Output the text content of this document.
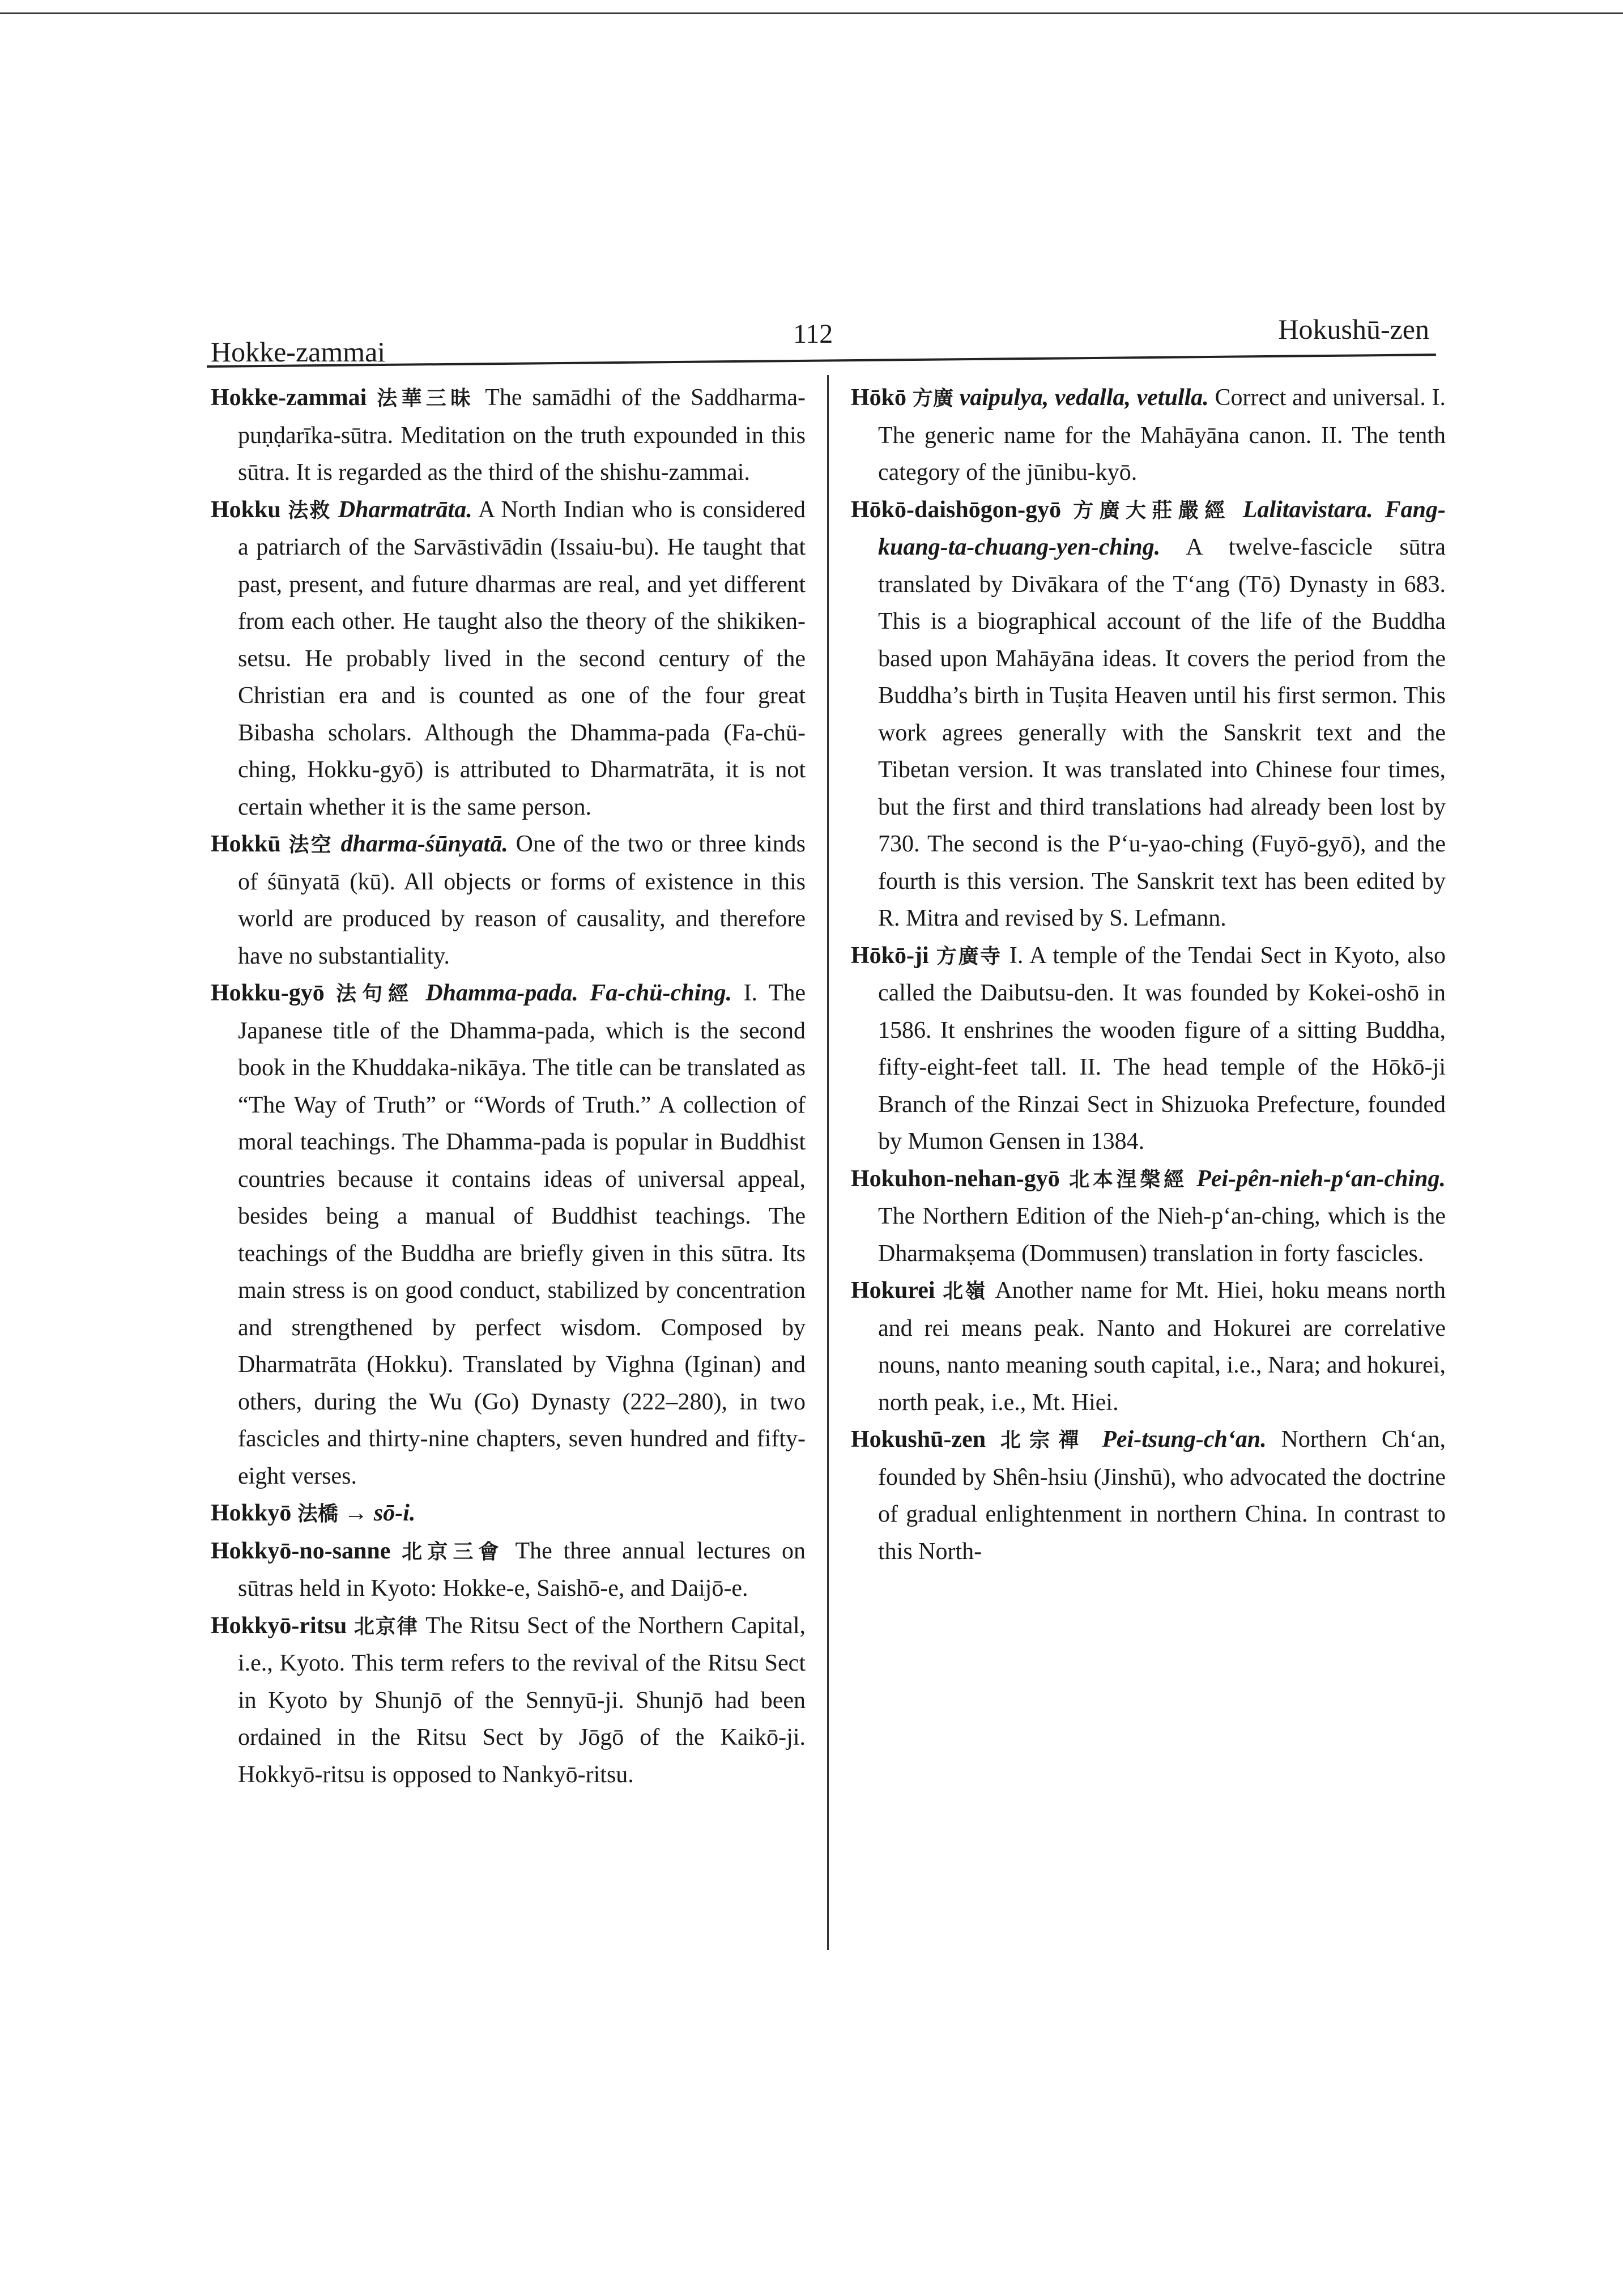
Hokke-zammai
112	Hokushū-zen

Hokke-zammai 法華三昧 The samādhi of the Saddharma-puṇḍarīka-sūtra. Meditation on the truth expounded in this sūtra. It is regarded as the third of the shishu-zammai.

Hokku 法救 Dharmatrāta. A North Indian who is considered a patriarch of the Sarvāstivādin (Issaiu-bu). He taught that past, present, and future dharmas are real, and yet different from each other. He taught also the theory of the shikiken-setsu. He probably lived in the second century of the Christian era and is counted as one of the four great Bibasha scholars. Although the Dhamma-pada (Fa-chü-ching, Hokku-gyō) is attributed to Dharmatrāta, it is not certain whether it is the same person.

Hokkū 法空 dharma-śūnyatā. One of the two or three kinds of śūnyatā (kū). All objects or forms of existence in this world are produced by reason of causality, and therefore have no substantiality.

Hokku-gyō 法句經 Dhamma-pada. Fa-chü-ching. I. The Japanese title of the Dhamma-pada, which is the second book in the Khuddaka-nikāya. The title can be translated as “The Way of Truth” or “Words of Truth.” A collection of moral teachings. The Dhamma-pada is popular in Buddhist countries because it contains ideas of universal appeal, besides being a manual of Buddhist teachings. The teachings of the Buddha are briefly given in this sūtra. Its main stress is on good conduct, stabilized by concentration and strengthened by perfect wisdom. Composed by Dharmatrāta (Hokku). Translated by Vighna (Iginan) and others, during the Wu (Go) Dynasty (222–280), in two fascicles and thirty-nine chapters, seven hundred and fifty-eight verses.

Hokkyō 法橋 → sō-i.

Hokkyō-no-sanne 北京三會 The three annual lectures on sūtras held in Kyoto: Hokke-e, Saishō-e, and Daijō-e.

Hokkyō-ritsu 北京律 The Ritsu Sect of the Northern Capital, i.e., Kyoto. This term refers to the revival of the Ritsu Sect in Kyoto by Shunjō of the Sennyū-ji. Shunjō had been ordained in the Ritsu Sect by Jōgō of the Kaikō-ji. Hokkyō-ritsu is opposed to Nankyō-ritsu.

Hōkō 方廣 vaipulya, vedalla, vetulla. Correct and universal. I. The generic name for the Mahāyāna canon. II. The tenth category of the jūnibu-kyō.

Hōkō-daishōgon-gyō 方廣大莊嚴經 Lalitavistara. Fang-kuang-ta-chuang-yen-ching. A twelve-fascicle sūtra translated by Divākara of the T‘ang (Tō) Dynasty in 683. This is a biographical account of the life of the Buddha based upon Mahāyāna ideas. It covers the period from the Buddha’s birth in Tuṣita Heaven until his first sermon. This work agrees generally with the Sanskrit text and the Tibetan version. It was translated into Chinese four times, but the first and third translations had already been lost by 730. The second is the P‘u-yao-ching (Fuyō-gyō), and the fourth is this version. The Sanskrit text has been edited by R. Mitra and revised by S. Lefmann.

Hōkō-ji 方廣寺 I. A temple of the Tendai Sect in Kyoto, also called the Daibutsu-den. It was founded by Kokei-oshō in 1586. It enshrines the wooden figure of a sitting Buddha, fifty-eight-feet tall. II. The head temple of the Hōkō-ji Branch of the Rinzai Sect in Shizuoka Prefecture, founded by Mumon Gensen in 1384.

Hokuhon-nehan-gyō 北本涅槃經 Pei-pên-nieh-p‘an-ching. The Northern Edition of the Nieh-p‘an-ching, which is the Dharmakṣema (Dommusen) translation in forty fascicles.

Hokurei 北嶺 Another name for Mt. Hiei, hoku means north and rei means peak. Nanto and Hokurei are correlative nouns, nanto meaning south capital, i.e., Nara; and hokurei, north peak, i.e., Mt. Hiei.

Hokushū-zen 北宗禪 Pei-tsung-ch‘an. Northern Ch‘an, founded by Shên-hsiu (Jinshū), who advocated the doctrine of gradual enlightenment in northern China. In contrast to this North-
